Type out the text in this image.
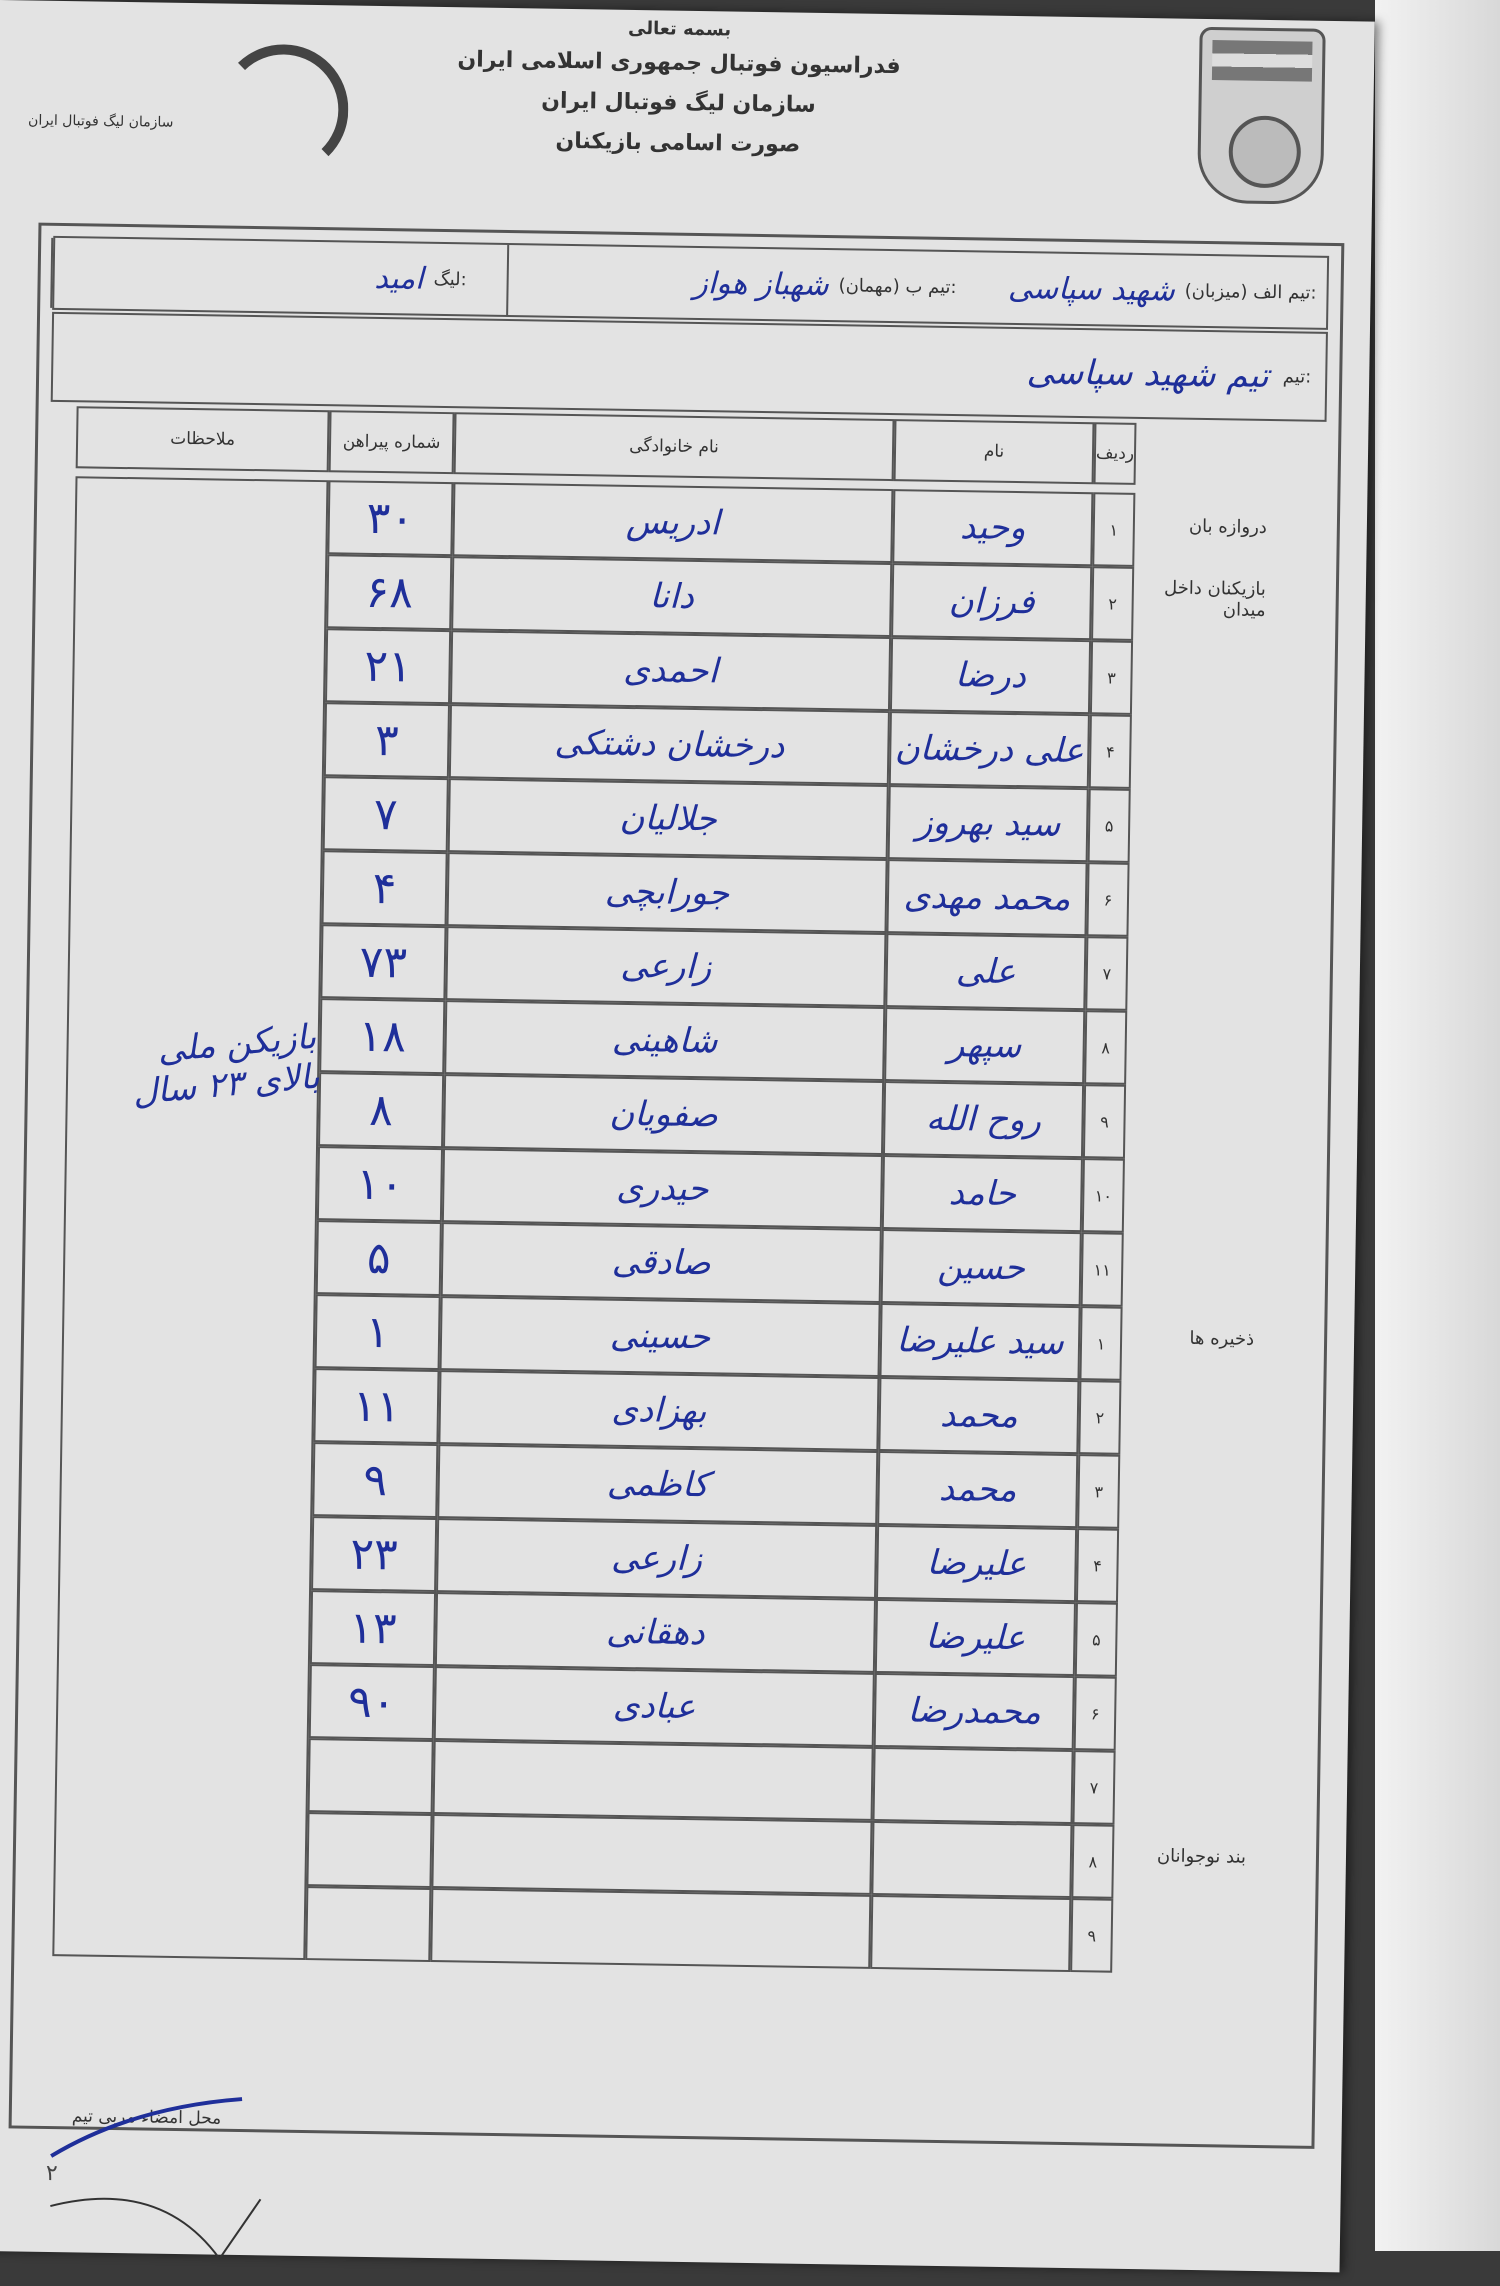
سازمان لیگ فوتبال ایران
بسمه تعالی
فدراسیون فوتبال جمهوری اسلامی ایران
سازمان لیگ فوتبال ایران
صورت اسامی بازیکنان
شهید سپاسی تیم الف (میزبان):
شهباز هواز تیم ب (مهمان):
امید لیگ:
تیم شهید سپاسی تیم:
ردیف
نام
نام خانوادگی
شماره پیراهن
ملاحظات
۱
وحید
ادریس
۳۰
۲
فرزان
دانا
۶۸
۳
درضا
احمدی
۲۱
۴
علی درخشان
درخشان دشتکی
۳
۵
سید بهروز
جلالیان
۷
۶
محمد مهدی
جورابچی
۴
۷
علی
زارعی
۷۳
۸
سپهر
شاهینی
۱۸
۹
روح الله
صفویان
۸
۱۰
حامد
حیدری
۱۰
۱۱
حسین
صادقی
۵
۱
سید علیرضا
حسینی
۱
۲
محمد
بهزادی
۱۱
۳
محمد
کاظمی
۹
۴
علیرضا
زارعی
۲۳
۵
علیرضا
دهقانی
۱۳
۶
محمدرضا
عبادی
۹۰
۷
۸
۹
دروازه بان
بازیکنان داخل میدان
ذخیره ها
بند نوجوانان
بازیکن ملی
بالای ۲۳ سال
محل امضاء مربی تیم
۲
